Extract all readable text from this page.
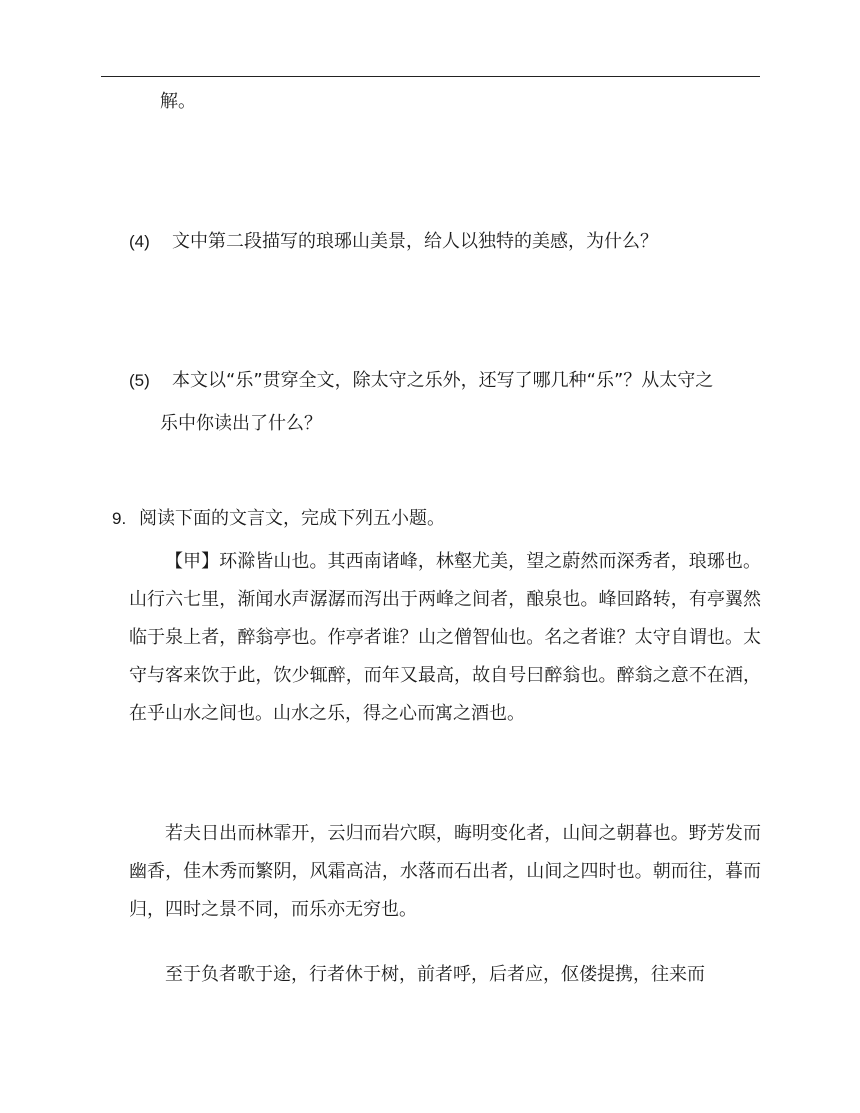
解。
(4) 文中第二段描写的琅琊山美景，给人以独特的美感，为什么？
(5) 本文以“乐”贯穿全文，除太守之乐外，还写了哪几种“乐”？从太守之
乐中你读出了什么？
9. 阅读下面的文言文，完成下列五小题。
【甲】环滁皆山也。其西南诸峰，林壑尤美，望之蔚然而深秀者，琅琊也。山行六七里，渐闻水声潺潺而泻出于两峰之间者，酿泉也。峰回路转，有亭翼然临于泉上者，醉翁亭也。作亭者谁？山之僧智仙也。名之者谁？太守自谓也。太守与客来饮于此，饮少辄醉，而年又最高，故自号曰醉翁也。醉翁之意不在酒，在乎山水之间也。山水之乐，得之心而寓之酒也。
若夫日出而林霏开，云归而岩穴暝，晦明变化者，山间之朝暮也。野芳发而幽香，佳木秀而繁阴，风霜高洁，水落而石出者，山间之四时也。朝而往，暮而归，四时之景不同，而乐亦无穷也。
至于负者歌于途，行者休于树，前者呼，后者应，伛偻提携，往来而
